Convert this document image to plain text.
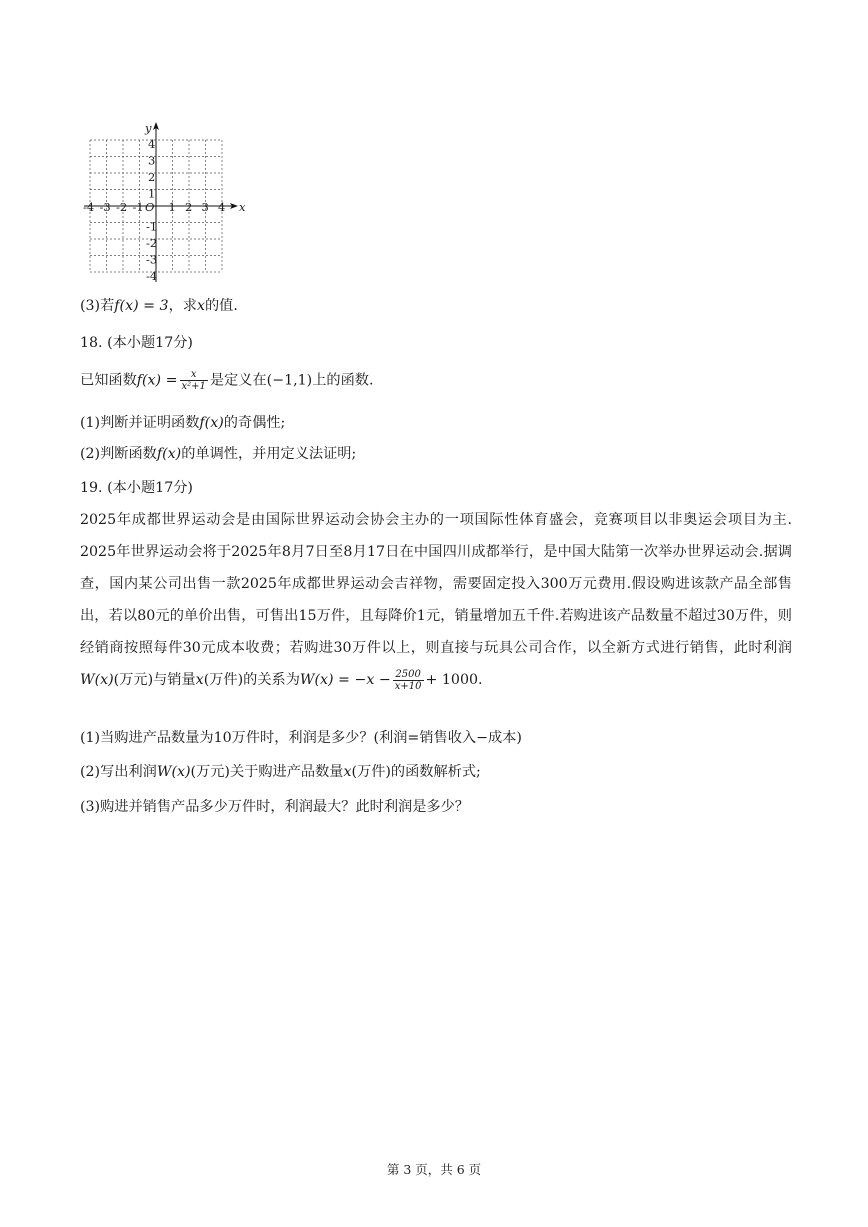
y
x
O
-4 -3 -2 -1 1 2 3 4
4
3
2
1
-1
-2
-3
-4
(3)若f(x) = 3，求x的值.
18. (本小题17分)
已知函数$f(x) = \frac{x}{\text{x²+1}}$ 是定义在(−1,1)上的函数.
(1)判断并证明函数f(x)的奇偶性;
(2)判断函数f(x)的单调性，并用定义法证明;
19. (本小题17分)
2025年成都世界运动会是由国际世界运动会协会主办的一项国际性体育盛会，竞赛项目以非奥运会项目为主. 2025年世界运动会将于2025年8月7日至8月17日在中国四川成都举行，是中国大陆第一次举办世界运动会.据调查，国内某公司出售一款2025年成都世界运动会吉祥物，需要固定投入300万元费用.假设购进该款产品全部售出，若以80元的单价出售，可售出15万件，且每降价1元，销量增加五千件.若购进该产品数量不超过30万件，则经销商按照每件30元成本收费；若购进30万件以上，则直接与玩具公司合作，以全新方式进行销售，此时利润W(x)(万元)与销量x(万件)的关系为$W(x) = -x - \frac{2500}{x+10} + 1000$.
(1)当购进产品数量为10万件时，利润是多少？(利润=销售收入−成本)
(2)写出利润W(x)(万元)关于购进产品数量x(万件)的函数解析式;
(3)购进并销售产品多少万件时，利润最大？此时利润是多少？
第 3 页，共 6 页
